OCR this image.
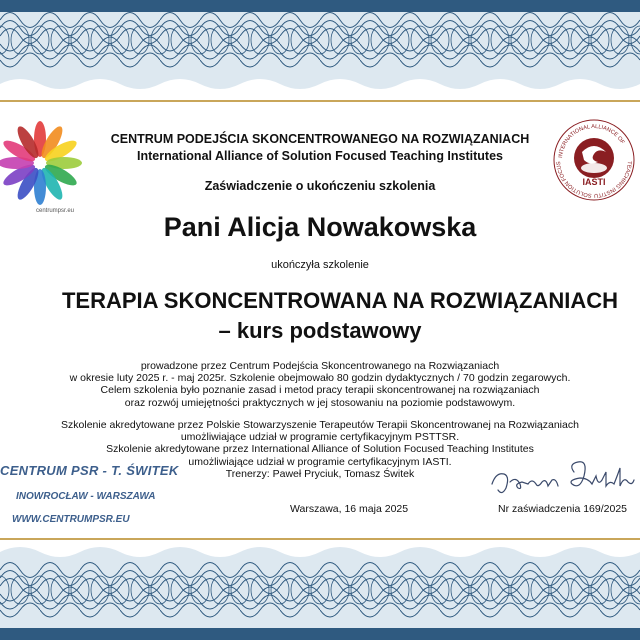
centrumpsr.eu
INTERNATIONAL ALLIANCE OF
SOLUTION FOCUS	TEACHING INSTITU
IASTI
CENTRUM PODEJŚCIA SKONCENTROWANEGO NA ROZWIĄZANIACH
International Alliance of Solution Focused Teaching Institutes
Zaświadczenie o ukończeniu szkolenia
Pani Alicja Nowakowska
ukończyła szkolenie
TERAPIA SKONCENTROWANA NA ROZWIĄZANIACH
– kurs podstawowy
prowadzone przez Centrum Podejścia Skoncentrowanego na Rozwiązaniach
w okresie luty 2025 r. - maj 2025r. Szkolenie obejmowało 80 godzin dydaktycznych / 70 godzin zegarowych.
Celem szkolenia było poznanie zasad i metod pracy terapii skoncentrowanej na rozwiązaniach
oraz rozwój umiejętności praktycznych w jej stosowaniu na poziomie podstawowym.
Szkolenie akredytowane przez Polskie Stowarzyszenie Terapeutów Terapii Skoncentrowanej na Rozwiązaniach
umożliwiające udział w programie certyfikacyjnym PSTTSR.
Szkolenie akredytowane przez International Alliance of Solution Focused Teaching Institutes
umożliwiające udział w programie certyfikacyjnym IASTI.
Trenerzy: Paweł Pryciuk, Tomasz Świtek
CENTRUM PSR - T. ŚWITEK
INOWROCŁAW - WARSZAWA
WWW.CENTRUMPSR.EU
Warszawa, 16 maja 2025	Nr zaświadczenia 169/2025
